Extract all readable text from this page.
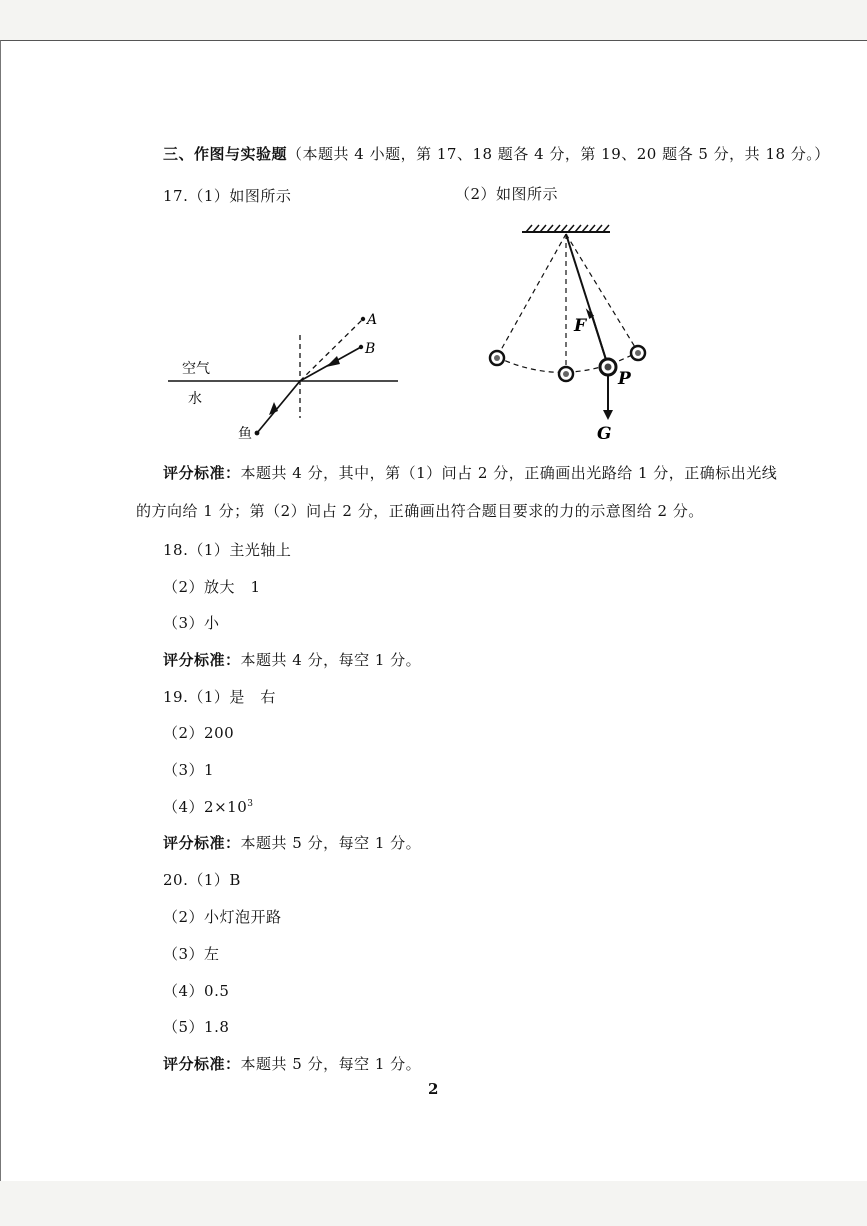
三、作图与实验题（本题共 4 小题，第 17、18 题各 4 分，第 19、20 题各 5 分，共 18 分。）
17.（1）如图所示	（2）如图所示
空气
水
鱼
A
B
F
P
G
评分标准：本题共 4 分，其中，第（1）问占 2 分，正确画出光路给 1 分，正确标出光线
的方向给 1 分；第（2）问占 2 分，正确画出符合题目要求的力的示意图给 2 分。
18.（1）主光轴上
（2）放大　1
（3）小
评分标准：本题共 4 分，每空 1 分。
19.（1）是　右
（2）200
（3）1
$(4)2\times 10^3$
评分标准：本题共 5 分，每空 1 分。
20.（1）B
（2）小灯泡开路
（3）左
（4）0.5
（5）1.8
评分标准：本题共 5 分，每空 1 分。
2
